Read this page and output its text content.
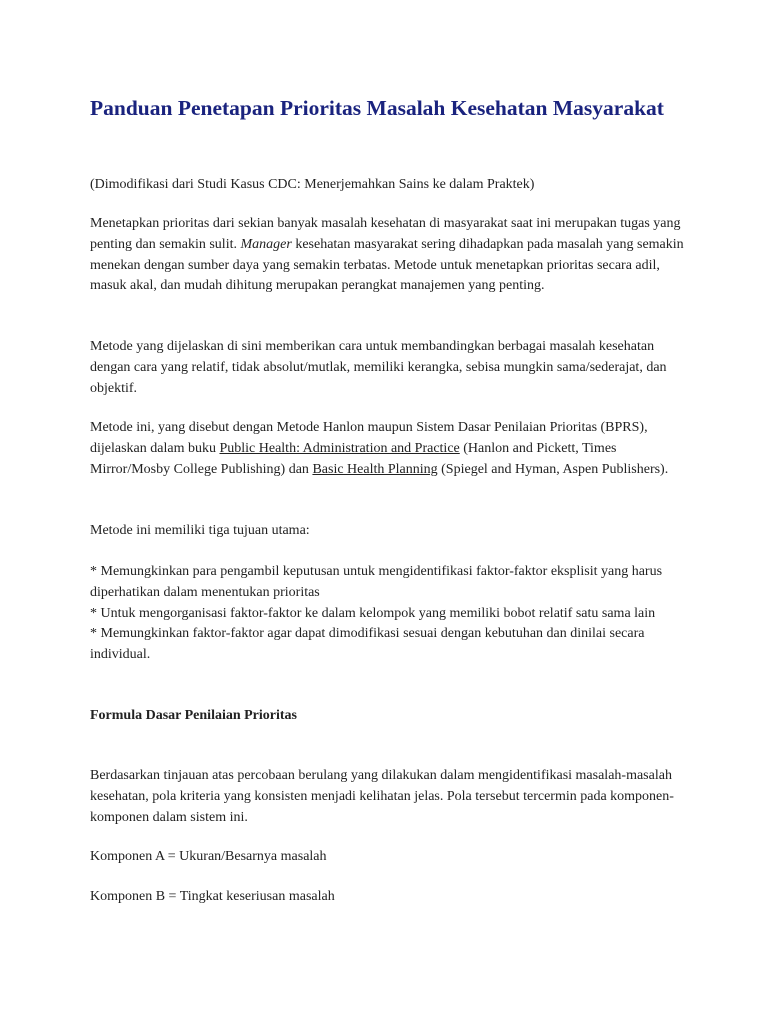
Panduan Penetapan Prioritas Masalah Kesehatan Masyarakat

(Dimodifikasi dari Studi Kasus CDC: Menerjemahkan Sains ke dalam Praktek)

Menetapkan prioritas dari sekian banyak masalah kesehatan di masyarakat saat ini merupakan tugas yang penting dan semakin sulit. Manager kesehatan masyarakat sering dihadapkan pada masalah yang semakin menekan dengan sumber daya yang semakin terbatas. Metode untuk menetapkan prioritas secara adil, masuk akal, dan mudah dihitung merupakan perangkat manajemen yang penting.

Metode yang dijelaskan di sini memberikan cara untuk membandingkan berbagai masalah kesehatan dengan cara yang relatif, tidak absolut/mutlak, memiliki kerangka, sebisa mungkin sama/sederajat, dan objektif.

Metode ini, yang disebut dengan Metode Hanlon maupun Sistem Dasar Penilaian Prioritas (BPRS), dijelaskan dalam buku Public Health: Administration and Practice (Hanlon and Pickett, Times Mirror/Mosby College Publishing) dan Basic Health Planning (Spiegel and Hyman, Aspen Publishers).

Metode ini memiliki tiga tujuan utama:

* Memungkinkan para pengambil keputusan untuk mengidentifikasi faktor-faktor eksplisit yang harus diperhatikan dalam menentukan prioritas
* Untuk mengorganisasi faktor-faktor ke dalam kelompok yang memiliki bobot relatif satu sama lain
* Memungkinkan faktor-faktor agar dapat dimodifikasi sesuai dengan kebutuhan dan dinilai secara individual.

Formula Dasar Penilaian Prioritas

Berdasarkan tinjauan atas percobaan berulang yang dilakukan dalam mengidentifikasi masalah-masalah kesehatan, pola kriteria yang konsisten menjadi kelihatan jelas. Pola tersebut tercermin pada komponen-komponen dalam sistem ini.

Komponen A = Ukuran/Besarnya masalah

Komponen B = Tingkat keseriusan masalah
